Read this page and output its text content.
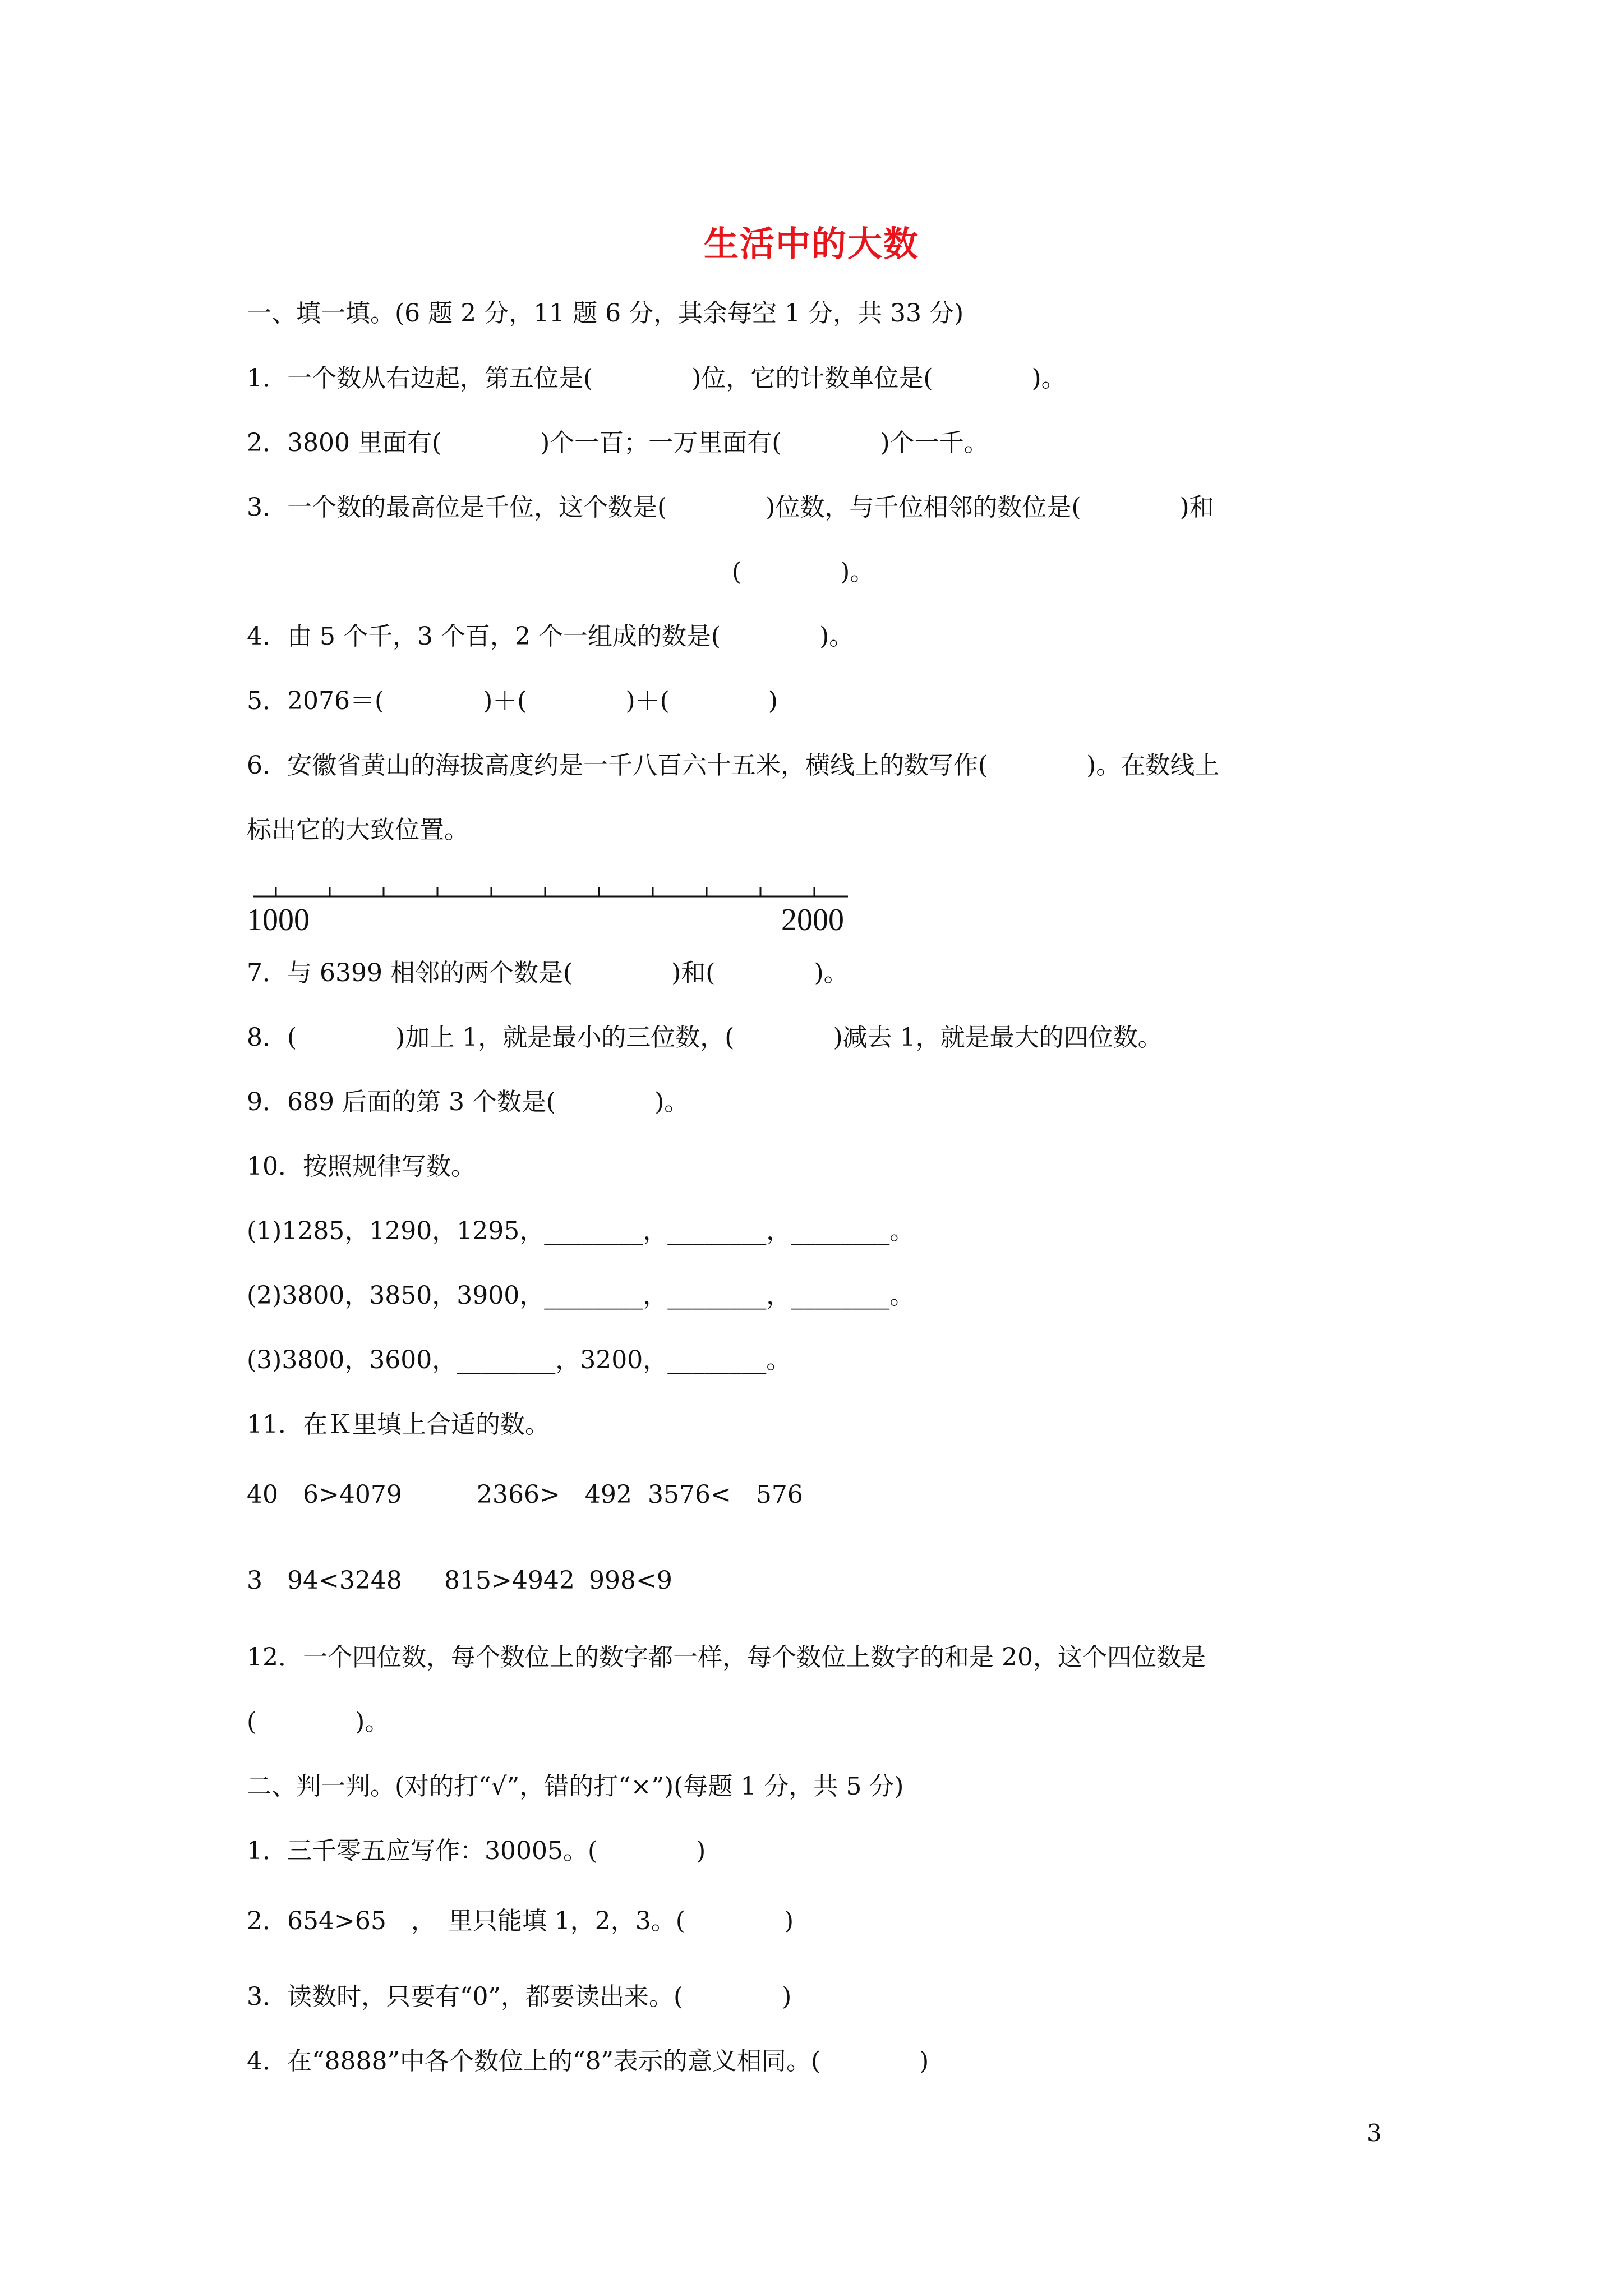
生活中的大数
一、填一填。(6 题 2 分，11 题 6 分，其余每空 1 分，共 33 分)
1．一个数从右边起，第五位是(　　　　)位，它的计数单位是(　　　　)。
2．3800 里面有(　　　　)个一百；一万里面有(　　　　)个一千。
3．一个数的最高位是千位，这个数是(　　　　)位数，与千位相邻的数位是(　　　　)和
(　　　　)。
4．由 5 个千，3 个百，2 个一组成的数是(　　　　)。
5．2076＝(　　　　)＋(　　　　)＋(　　　　)
6．安徽省黄山的海拔高度约是一千八百六十五米，横线上的数写作(　　　　)。在数线上
标出它的大致位置。
1000	2000
7．与 6399 相邻的两个数是(　　　　)和(　　　　)。
8．(　　　　)加上 1，就是最小的三位数，(　　　　)减去 1，就是最大的四位数。
9．689 后面的第 3 个数是(　　　　)。
10．按照规律写数。
(1)1285，1290，1295，________，________，________。
(2)3800，3850，3900，________，________，________。
(3)3800，3600，________，3200，________。
11．在Ｋ里填上合适的数。
40　6>4079	2366>　492 3576<　576
3　94<3248 815>4942 998<9
12．一个四位数，每个数位上的数字都一样，每个数位上数字的和是 20，这个四位数是
(　　　　)。
二、判一判。(对的打“√”，错的打“×”)(每题 1 分，共 5 分)
1．三千零五应写作：30005。(　　　　)
2．654>65　，　里只能填 1，2，3。(　　　　)
3．读数时，只要有“0”，都要读出来。(　　　　)
4．在“8888”中各个数位上的“8”表示的意义相同。(　　　　)
3
